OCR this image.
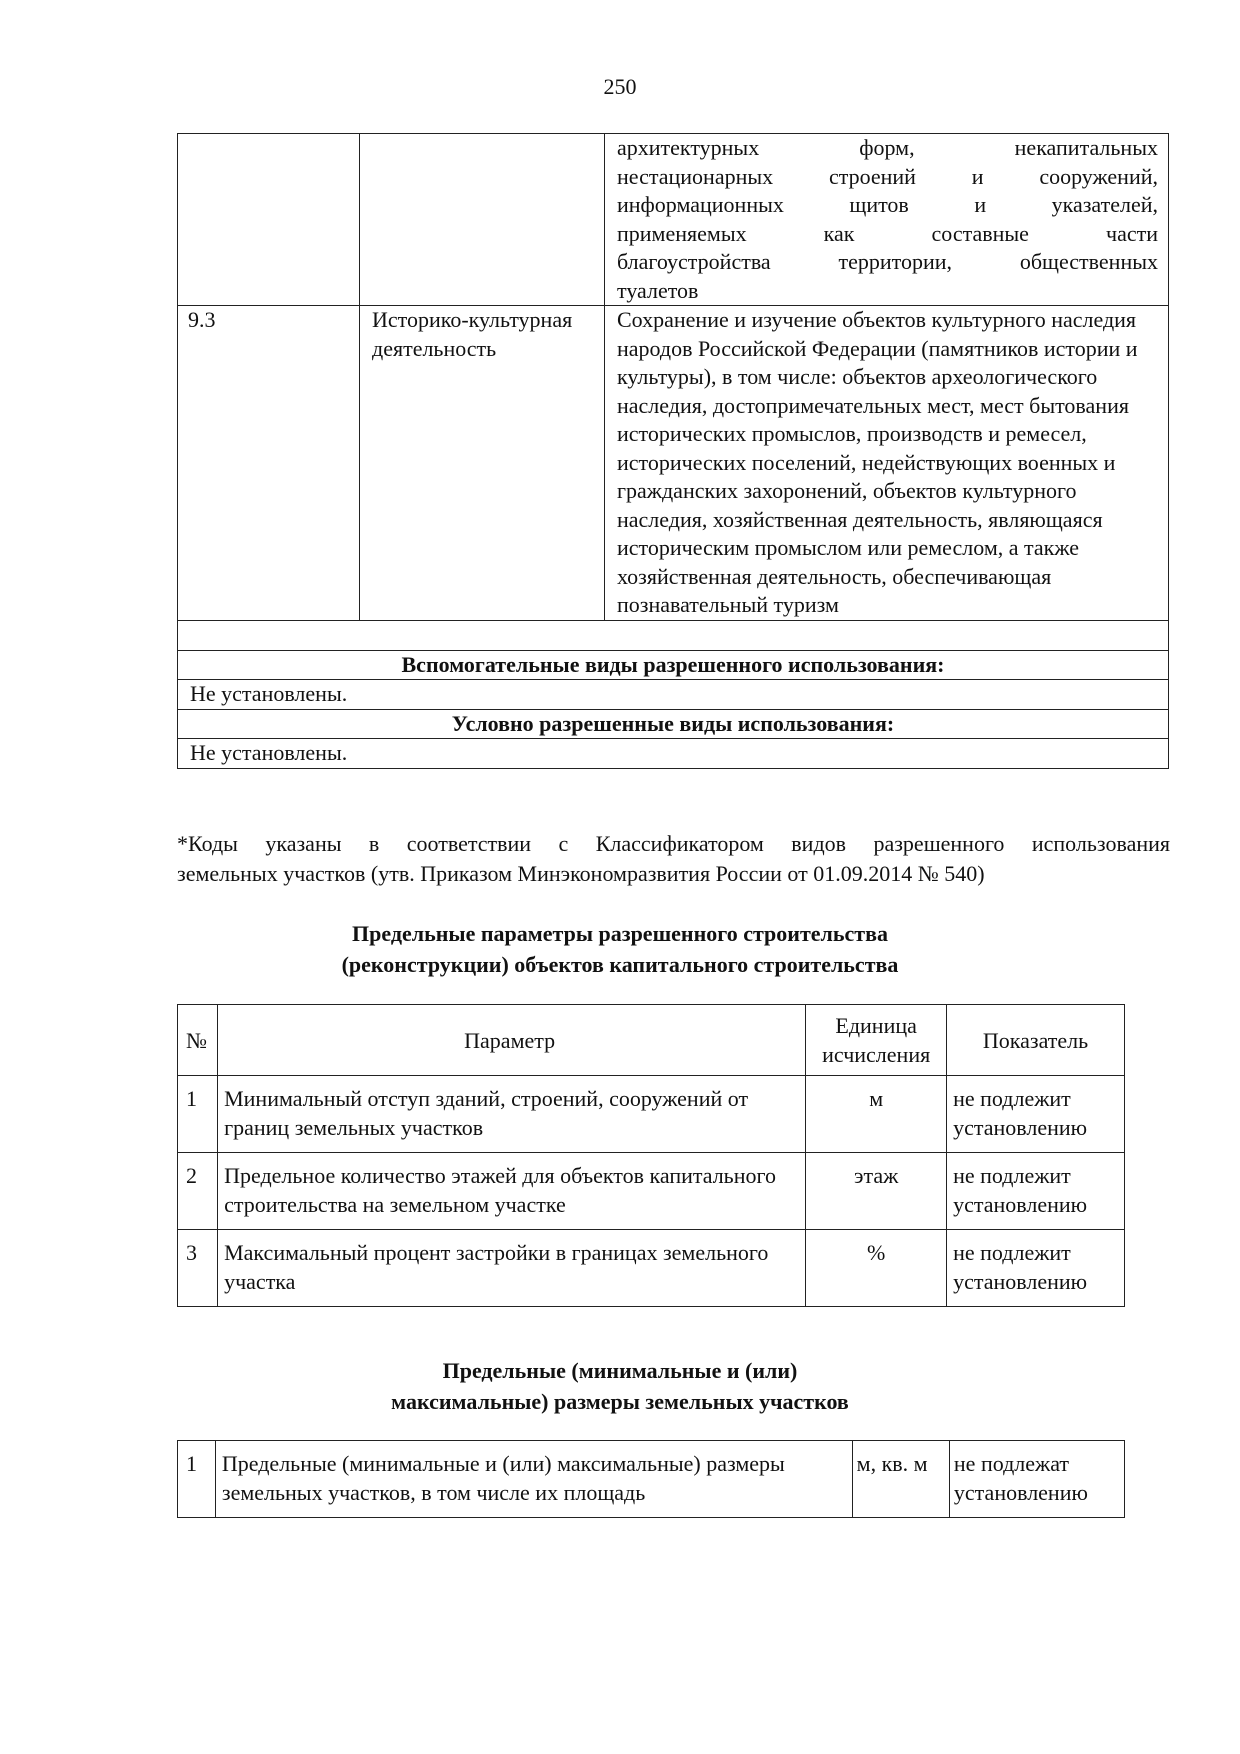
250
		архитектурных форм, некапитальных
нестационарных строений и сооружений,
информационных щитов и указателей,
применяемых как составные части
благоустройства территории, общественных

туалетов

9.3	Историко-культурная деятельность	Сохранение и изучение объектов культурного наследия народов Российской Федерации (памятников истории и культуры), в том числе: объектов археологического наследия, достопримечательных мест, мест бытования исторических промыслов, производств и ремесел, исторических поселений, недействующих военных и гражданских захоронений, объектов культурного наследия, хозяйственная деятельность, являющаяся историческим промыслом или ремеслом, а также хозяйственная деятельность, обеспечивающая познавательный туризм

Вспомогательные виды разрешенного использования:		
Не установлены.		
Условно разрешенные виды использования:		
Не установлены.		
*Коды указаны в соответствии с Классификатором видов разрешенного использования
земельных участков (утв. Приказом Минэкономразвития России от 01.09.2014 № 540)
Предельные параметры разрешенного строительства
(реконструкции) объектов капитального строительства
№	Параметр	Единица исчисления	Показатель
1	Минимальный отступ зданий, строений, сооружений от границ земельных участков	м	не подлежит установлению
2	Предельное количество этажей для объектов капитального строительства на земельном участке	этаж	не подлежит установлению
3	Максимальный процент застройки в границах земельного участка	%	не подлежит установлению
Предельные (минимальные и (или)
максимальные) размеры земельных участков
1	Предельные (минимальные и (или) максимальные) размеры земельных участков, в том числе их площадь	м, кв. м	не подлежат установлению
